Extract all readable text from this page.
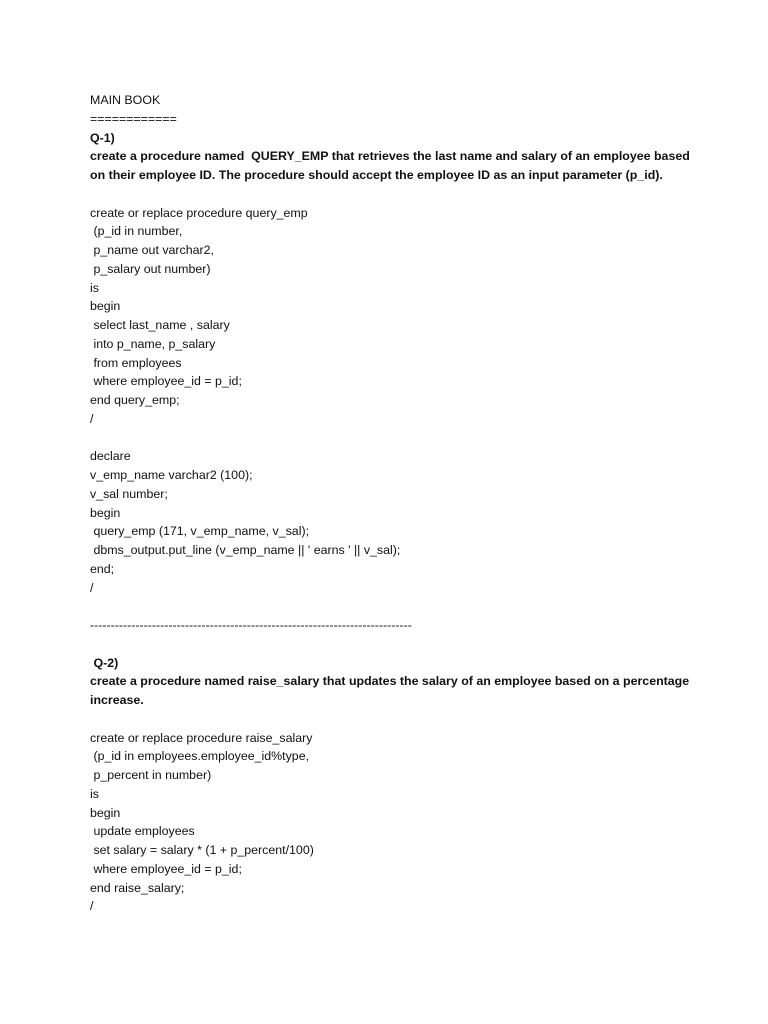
MAIN BOOK
============
Q-1)
create a procedure named  QUERY_EMP that retrieves the last name and salary of an employee based
on their employee ID. The procedure should accept the employee ID as an input parameter (p_id).
create or replace procedure query_emp
(p_id in number,
p_name out varchar2,
p_salary out number)
is
begin
select last_name , salary
into p_name, p_salary
from employees
where employee_id = p_id;
end query_emp;
/
declare
v_emp_name varchar2 (100);
v_sal number;
begin
query_emp (171, v_emp_name, v_sal);
dbms_output.put_line (v_emp_name || ' earns ' || v_sal);
end;
/
------------------------------------------------------------------------------
Q-2)
create a procedure named raise_salary that updates the salary of an employee based on a percentage
increase.
create or replace procedure raise_salary
(p_id in employees.employee_id%type,
p_percent in number)
is
begin
update employees
set salary = salary * (1 + p_percent/100)
where employee_id = p_id;
end raise_salary;
/
